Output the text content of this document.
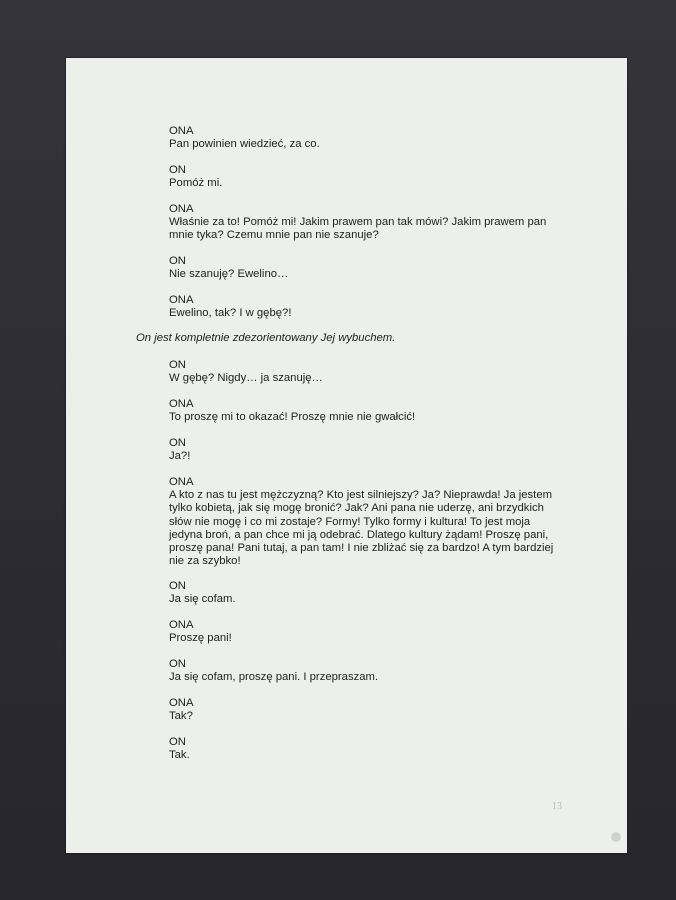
ONA
Pan powinien wiedzieć, za co.
ON
Pomóż mi.
ONA
Właśnie za to! Pomóż mi! Jakim prawem pan tak mówi? Jakim prawem pan
mnie tyka? Czemu mnie pan nie szanuje?
ON
Nie szanuję? Ewelino…
ONA
Ewelino, tak? I w gębę?!
On jest kompletnie zdezorientowany Jej wybuchem.
ON
W gębę? Nigdy… ja szanuję…
ONA
To proszę mi to okazać! Proszę mnie nie gwałcić!
ON
Ja?!
ONA
A kto z nas tu jest mężczyzną? Kto jest silniejszy? Ja? Nieprawda! Ja jestem
tylko kobietą, jak się mogę bronić? Jak? Ani pana nie uderzę, ani brzydkich
słów nie mogę i co mi zostaje? Formy! Tylko formy i kultura! To jest moja
jedyna broń, a pan chce mi ją odebrać. Dlatego kultury żądam! Proszę pani,
proszę pana! Pani tutaj, a pan tam! I nie zbliżać się za bardzo! A tym bardziej
nie za szybko!
ON
Ja się cofam.
ONA
Proszę pani!
ON
Ja się cofam, proszę pani. I przepraszam.
ONA
Tak?
ON
Tak.
13
